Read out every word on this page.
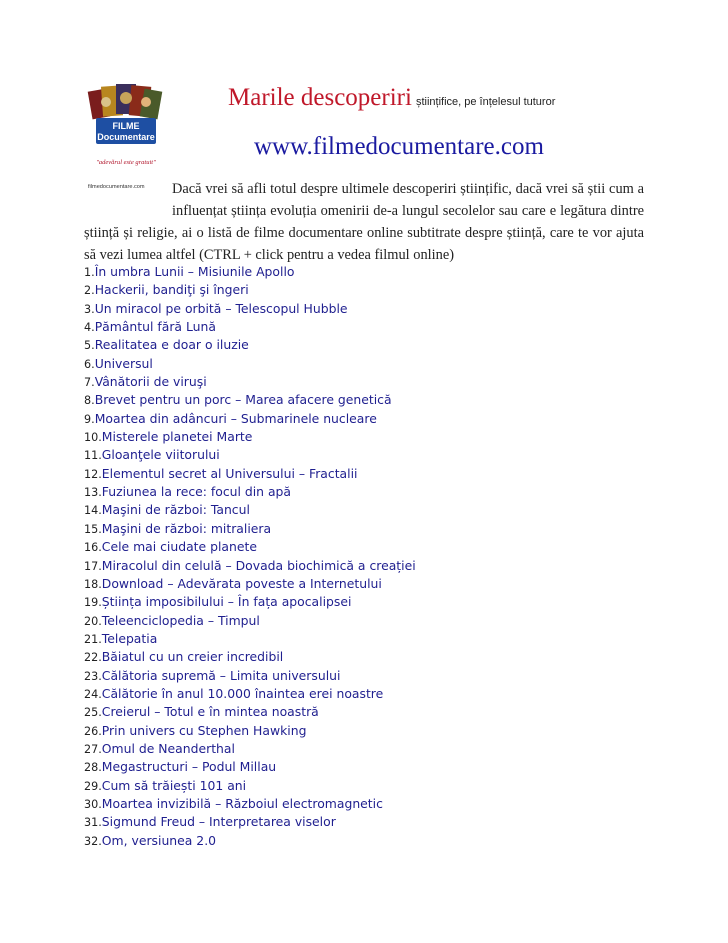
FILME
Documentare
"adevărul este gratuit"
filmedocumentare.com
Marile descoperiri științifice, pe înțelesul tuturor
www.filmedocumentare.com

Dacă vrei să afli totul despre ultimele descoperiri științific, dacă vrei să știi cum a influențat știința evoluția omenirii de-a lungul secolelor sau care e legătura dintre știință și religie, ai o listă de filme documentare online subtitrate despre știință, care te vor ajuta să vezi lumea altfel (CTRL + click pentru a vedea filmul online)

1.În umbra Lunii – Misiunile Apollo
2.Hackerii, bandiţi şi îngeri
3.Un miracol pe orbită – Telescopul Hubble
4.Pământul fără Lună
5.Realitatea e doar o iluzie
6.Universul
7.Vânătorii de viruşi
8.Brevet pentru un porc – Marea afacere genetică
9.Moartea din adâncuri – Submarinele nucleare
10.Misterele planetei Marte
11.Gloanţele viitorului
12.Elementul secret al Universului – Fractalii
13.Fuziunea la rece: focul din apă
14.Maşini de război: Tancul
15.Maşini de război: mitraliera
16.Cele mai ciudate planete
17.Miracolul din celulă – Dovada biochimică a creației
18.Download – Adevărata poveste a Internetului
19.Știința imposibilului – În fața apocalipsei
20.Teleenciclopedia – Timpul
21.Telepatia
22.Băiatul cu un creier incredibil
23.Călătoria supremă – Limita universului
24.Călătorie în anul 10.000 înaintea erei noastre
25.Creierul – Totul e în mintea noastră
26.Prin univers cu Stephen Hawking
27.Omul de Neanderthal
28.Megastructuri – Podul Millau
29.Cum să trăiești 101 ani
30.Moartea invizibilă – Războiul electromagnetic
31.Sigmund Freud – Interpretarea viselor
32.Om, versiunea 2.0
